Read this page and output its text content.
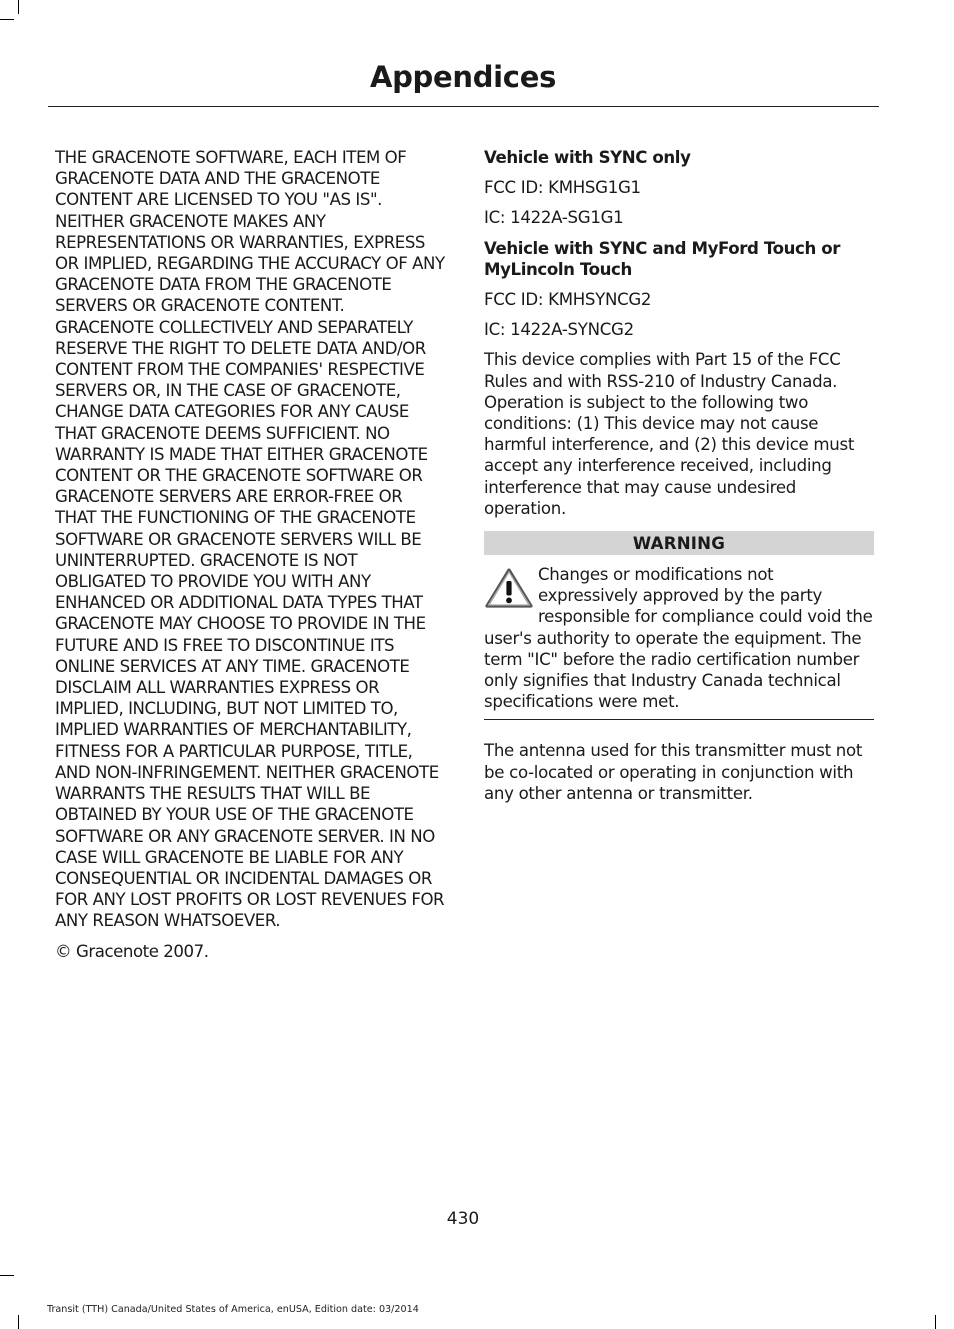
Appendices

THE GRACENOTE SOFTWARE, EACH ITEM OF GRACENOTE DATA AND THE GRACENOTE CONTENT ARE LICENSED TO YOU "AS IS". NEITHER GRACENOTE MAKES ANY REPRESENTATIONS OR WARRANTIES, EXPRESS OR IMPLIED, REGARDING THE ACCURACY OF ANY GRACENOTE DATA FROM THE GRACENOTE SERVERS OR GRACENOTE CONTENT. GRACENOTE COLLECTIVELY AND SEPARATELY RESERVE THE RIGHT TO DELETE DATA AND/OR CONTENT FROM THE COMPANIES' RESPECTIVE SERVERS OR, IN THE CASE OF GRACENOTE, CHANGE DATA CATEGORIES FOR ANY CAUSE THAT GRACENOTE DEEMS SUFFICIENT. NO WARRANTY IS MADE THAT EITHER GRACENOTE CONTENT OR THE GRACENOTE SOFTWARE OR GRACENOTE SERVERS ARE ERROR-FREE OR THAT THE FUNCTIONING OF THE GRACENOTE SOFTWARE OR GRACENOTE SERVERS WILL BE UNINTERRUPTED. GRACENOTE IS NOT OBLIGATED TO PROVIDE YOU WITH ANY ENHANCED OR ADDITIONAL DATA TYPES THAT GRACENOTE MAY CHOOSE TO PROVIDE IN THE FUTURE AND IS FREE TO DISCONTINUE ITS ONLINE SERVICES AT ANY TIME. GRACENOTE DISCLAIM ALL WARRANTIES EXPRESS OR IMPLIED, INCLUDING, BUT NOT LIMITED TO, IMPLIED WARRANTIES OF MERCHANTABILITY, FITNESS FOR A PARTICULAR PURPOSE, TITLE, AND NON-INFRINGEMENT. NEITHER GRACENOTE WARRANTS THE RESULTS THAT WILL BE OBTAINED BY YOUR USE OF THE GRACENOTE SOFTWARE OR ANY GRACENOTE SERVER. IN NO CASE WILL GRACENOTE BE LIABLE FOR ANY CONSEQUENTIAL OR INCIDENTAL DAMAGES OR FOR ANY LOST PROFITS OR LOST REVENUES FOR ANY REASON WHATSOEVER.

© Gracenote 2007.

Vehicle with SYNC only

FCC ID: KMHSG1G1

IC: 1422A-SG1G1

Vehicle with SYNC and MyFord Touch or MyLincoln Touch

FCC ID: KMHSYNCG2

IC: 1422A-SYNCG2

This device complies with Part 15 of the FCC Rules and with RSS-210 of Industry Canada. Operation is subject to the following two conditions: (1) This device may not cause harmful interference, and (2) this device must accept any interference received, including interference that may cause undesired operation.

WARNING
Changes or modifications not expressively approved by the party responsible for compliance could void the user's authority to operate the equipment. The term "IC" before the radio certification number only signifies that Industry Canada technical specifications were met.

The antenna used for this transmitter must not be co-located or operating in conjunction with any other antenna or transmitter.

430
Transit (TTH) Canada/United States of America, enUSA, Edition date: 03/2014
